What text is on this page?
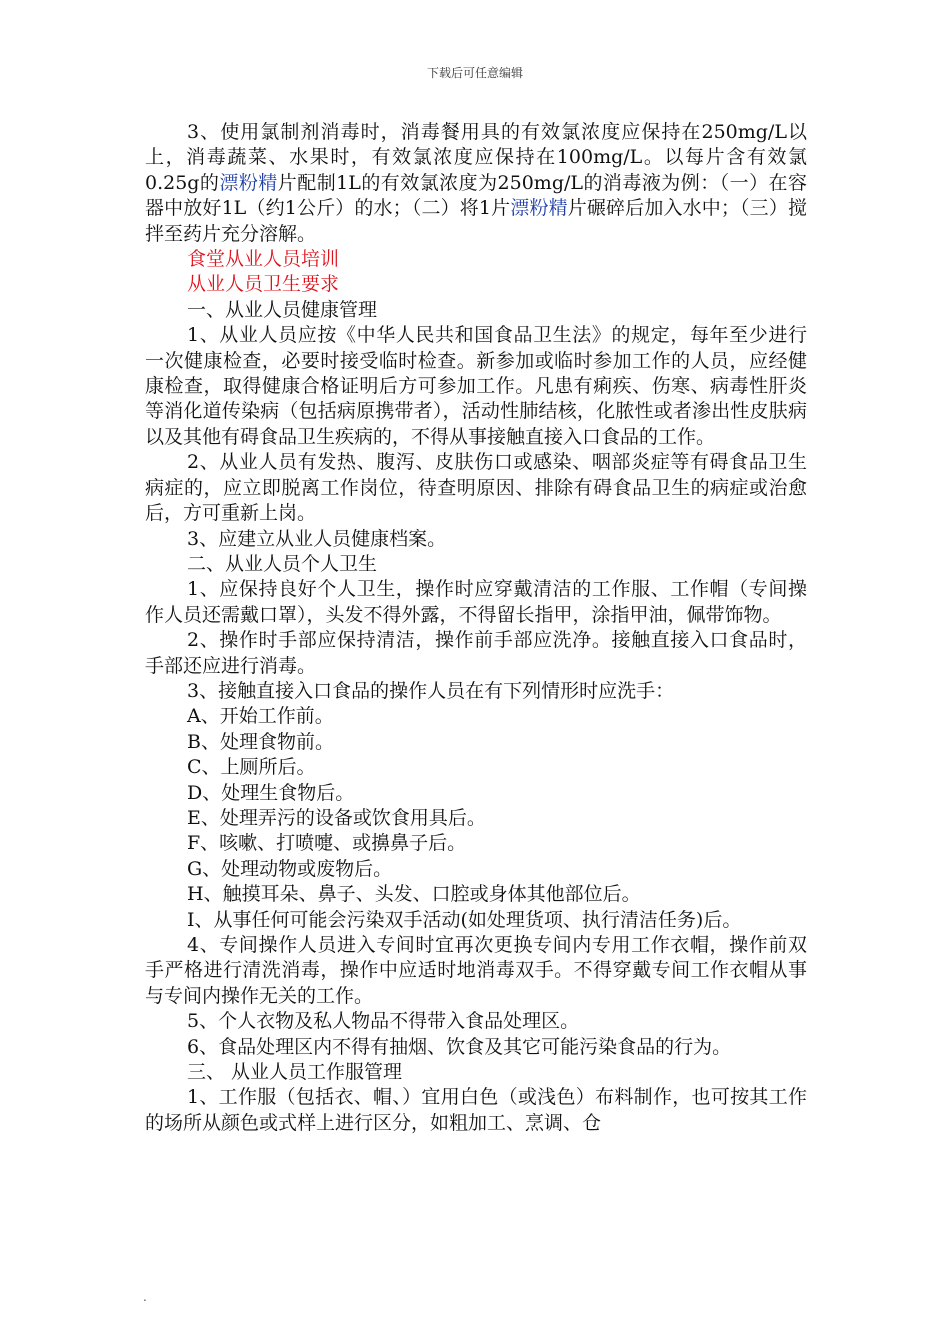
下载后可任意编辑

3、使用氯制剂消毒时，消毒餐用具的有效氯浓度应保持在250mg/L以上，消毒蔬菜、水果时，有效氯浓度应保持在100mg/L。以每片含有效氯0.25g的漂粉精片配制1L的有效氯浓度为250mg/L的消毒液为例：（一）在容器中放好1L（约1公斤）的水；（二）将1片漂粉精片碾碎后加入水中；（三）搅拌至药片充分溶解。

食堂从业人员培训

从业人员卫生要求

一、从业人员健康管理

1、从业人员应按《中华人民共和国食品卫生法》的规定，每年至少进行一次健康检查，必要时接受临时检查。新参加或临时参加工作的人员，应经健康检查，取得健康合格证明后方可参加工作。凡患有痢疾、伤寒、病毒性肝炎等消化道传染病（包括病原携带者），活动性肺结核，化脓性或者渗出性皮肤病以及其他有碍食品卫生疾病的，不得从事接触直接入口食品的工作。

2、从业人员有发热、腹泻、皮肤伤口或感染、咽部炎症等有碍食品卫生病症的，应立即脱离工作岗位，待查明原因、排除有碍食品卫生的病症或治愈后，方可重新上岗。

3、应建立从业人员健康档案。

二、从业人员个人卫生

1、应保持良好个人卫生，操作时应穿戴清洁的工作服、工作帽（专间操作人员还需戴口罩），头发不得外露，不得留长指甲，涂指甲油，佩带饰物。

2、操作时手部应保持清洁，操作前手部应洗净。接触直接入口食品时，手部还应进行消毒。

3、接触直接入口食品的操作人员在有下列情形时应洗手：

A、开始工作前。

B、处理食物前。

C、上厕所后。

D、处理生食物后。

E、处理弄污的设备或饮食用具后。

F、咳嗽、打喷嚏、或擤鼻子后。

G、处理动物或废物后。

H、触摸耳朵、鼻子、头发、口腔或身体其他部位后。

I、从事任何可能会污染双手活动(如处理货项、执行清洁任务)后。

4、专间操作人员进入专间时宜再次更换专间内专用工作衣帽，操作前双手严格进行清洗消毒，操作中应适时地消毒双手。不得穿戴专间工作衣帽从事与专间内操作无关的工作。

5、个人衣物及私人物品不得带入食品处理区。

6、食品处理区内不得有抽烟、饮食及其它可能污染食品的行为。

三、 从业人员工作服管理

1、工作服（包括衣、帽、）宜用白色（或浅色）布料制作，也可按其工作的场所从颜色或式样上进行区分，如粗加工、烹调、仓

.
